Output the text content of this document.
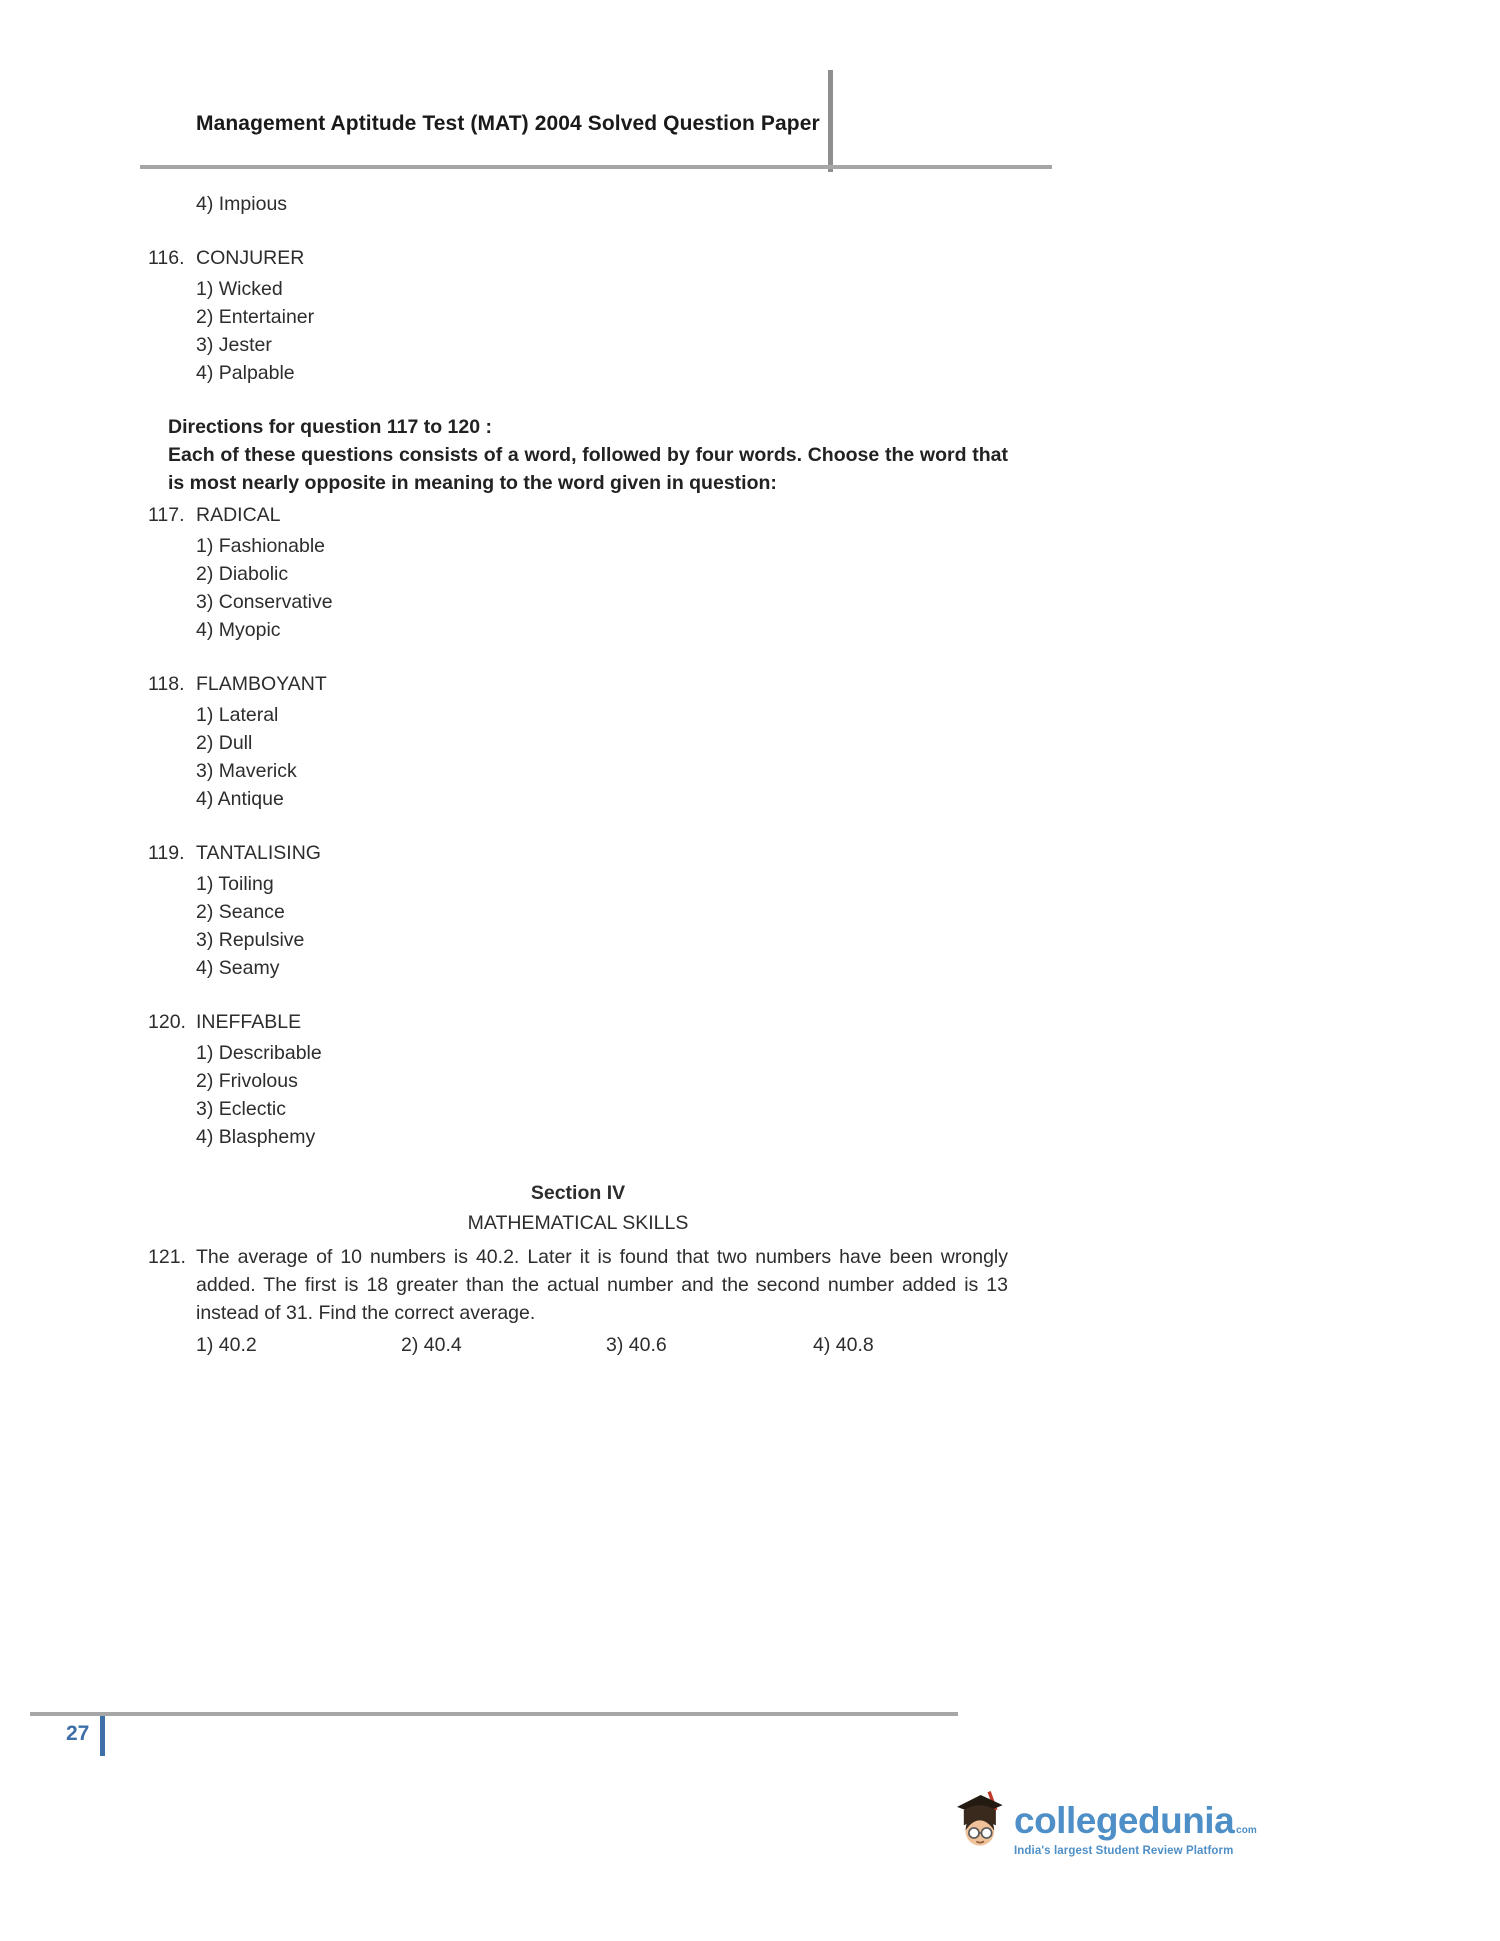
Management Aptitude Test (MAT) 2004 Solved Question Paper
4) Impious
116. CONJURER
1) Wicked
2) Entertainer
3) Jester
4) Palpable

Directions for question 117 to 120 :

Each of these questions consists of a word, followed by four words. Choose the word that is most nearly opposite in meaning to the word given in question:

117. RADICAL
1) Fashionable
2) Diabolic
3) Conservative
4) Myopic
118. FLAMBOYANT
1) Lateral
2) Dull
3) Maverick
4) Antique
119. TANTALISING
1) Toiling
2) Seance
3) Repulsive
4) Seamy
120. INEFFABLE
1) Describable
2) Frivolous
3) Eclectic
4) Blasphemy
Section IV
MATHEMATICAL SKILLS
121. The average of 10 numbers is 40.2. Later it is found that two numbers have been wrongly added. The first is 18 greater than the actual number and the second number added is 13 instead of 31. Find the correct average.

1) 40.2	2) 40.4	3) 40.6	4) 40.8
27
collegedunia com
India's largest Student Review Platform
